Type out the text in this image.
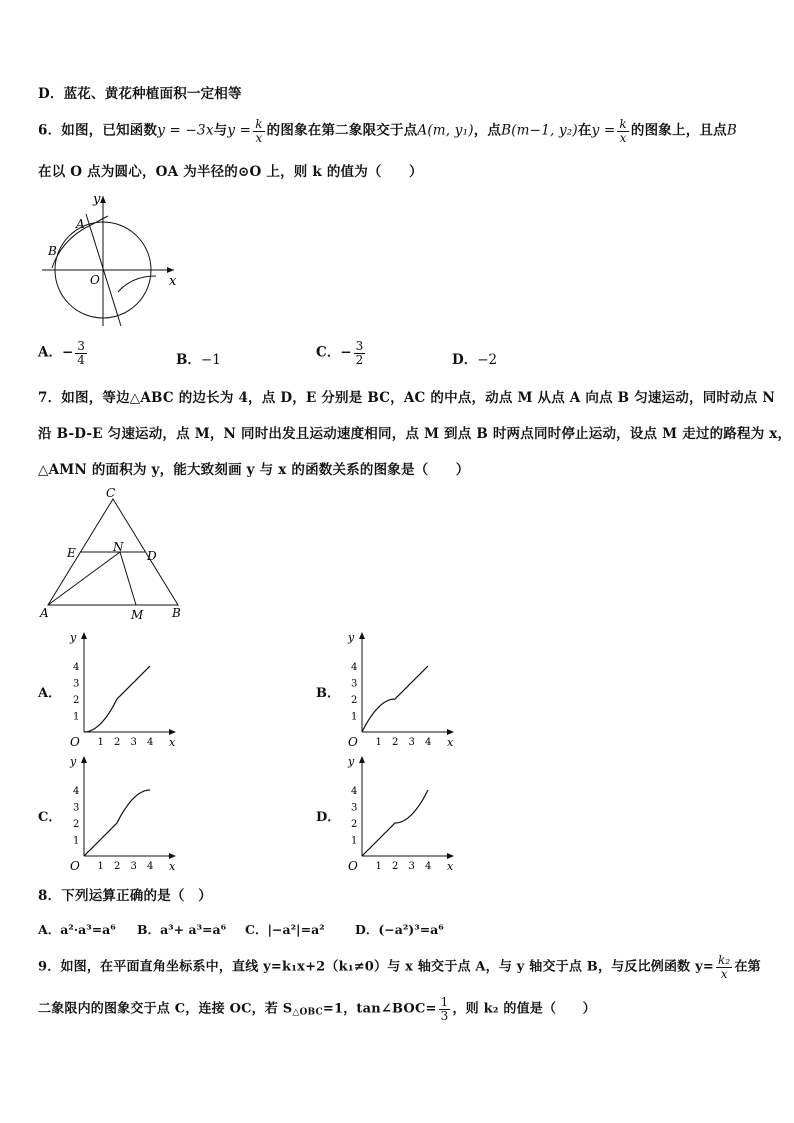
D．蓝花、黄花种植面积一定相等
6．如图，已知函数y = −3x与$y = \frac{k}{x}$ 的图象在第二象限交于点A(m, y₁)，点B(m−1, y₂)在$y = \frac{k}{x}$ 的图象上，且点B
在以 O 点为圆心，OA 为半径的⊙O 上，则 k 的值为（　　）
y
x
A
B
O
A．− $\frac{3}{4}$	B．−1	C．− $\frac{3}{2}$	D．−2
7．如图，等边△ABC 的边长为 4，点 D，E 分别是 BC，AC 的中点，动点 M 从点 A 向点 B 匀速运动，同时动点 N
沿 B-D-E 匀速运动，点 M，N 同时出发且运动速度相同，点 M 到点 B 时两点同时停止运动，设点 M 走过的路程为 x，
△AMN 的面积为 y，能大致刻画 y 与 x 的函数关系的图象是（　　）
C
E	N
D
A	M B
A．	B．
C．	D．
y
x
O 1
1
2
2
3
3
4
4
y
x
O 1
1
2
2
3
3
4
4
y
x
O 1
1
2
2
3
3
4
4
y
x
O 1
1
2
2
3
3
4
4
8．下列运算正确的是（　）
A．a²·a³=a⁶ B．a³+ a³=a⁶ C．|−a²|=a² D．(−a²)³=a⁶
9．如图，在平面直角坐标系中，直线 y=k₁x+2（k₁≠0）与 x 轴交于点 A，与 y 轴交于点 B，与反比例函数 $y= \frac{\text{k₂}}{x}$ 在第
二象限内的图象交于点 C，连接 OC，若 $S_{\triangle OBC}=1$，tan∠BOC= $\frac{1}{3}$ ，则 k₂ 的值是（　　）
